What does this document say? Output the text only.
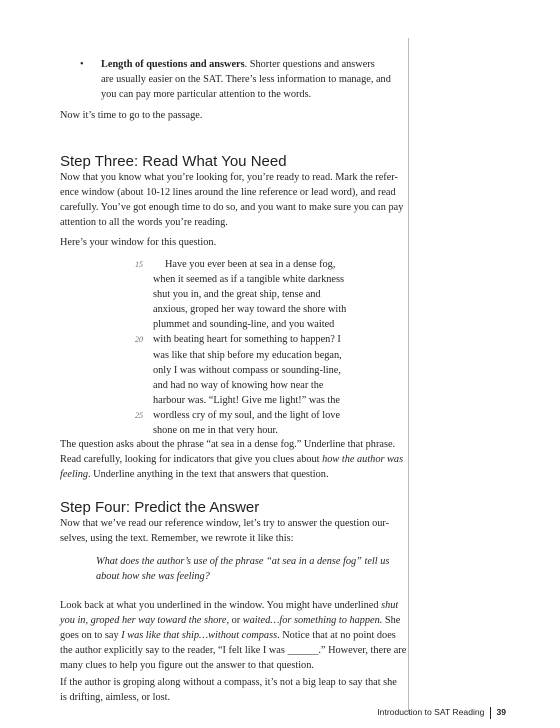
• Length of questions and answers. Shorter questions and answers
are usually easier on the SAT. There’s less information to manage, and
you can pay more particular attention to the words.

Now it’s time to go to the passage.

Step Three: Read What You Need

Now that you know what you’re looking for, you’re ready to read. Mark the refer-
ence window (about 10-12 lines around the line reference or lead word), and read
carefully. You’ve got enough time to do so, and you want to make sure you can pay
attention to all the words you’re reading.

Here’s your window for this question.

15	Have you ever been at sea in a dense fog,
when it seemed as if a tangible white darkness
shut you in, and the great ship, tense and
anxious, groped her way toward the shore with
plummet and sounding-line, and you waited
20 with beating heart for something to happen? I
was like that ship before my education began,
only I was without compass or sounding-line,
and had no way of knowing how near the
harbour was. “Light! Give me light!” was the
25 wordless cry of my soul, and the light of love
shone on me in that very hour.

The question asks about the phrase “at sea in a dense fog.” Underline that phrase.
Read carefully, looking for indicators that give you clues about how the author was
feeling. Underline anything in the text that answers that question.

Step Four: Predict the Answer

Now that we’ve read our reference window, let’s try to answer the question our-
selves, using the text. Remember, we rewrote it like this:

What does the author’s use of the phrase “at sea in a dense fog” tell us
about how she was feeling?

Look back at what you underlined in the window. You might have underlined shut
you in, groped her way toward the shore, or waited…for something to happen. She
goes on to say I was like that ship…without compass. Notice that at no point does
the author explicitly say to the reader, “I felt like I was ______.” However, there are
many clues to help you figure out the answer to that question.

If the author is groping along without a compass, it’s not a big leap to say that she
is drifting, aimless, or lost.

Introduction to SAT Reading 39
